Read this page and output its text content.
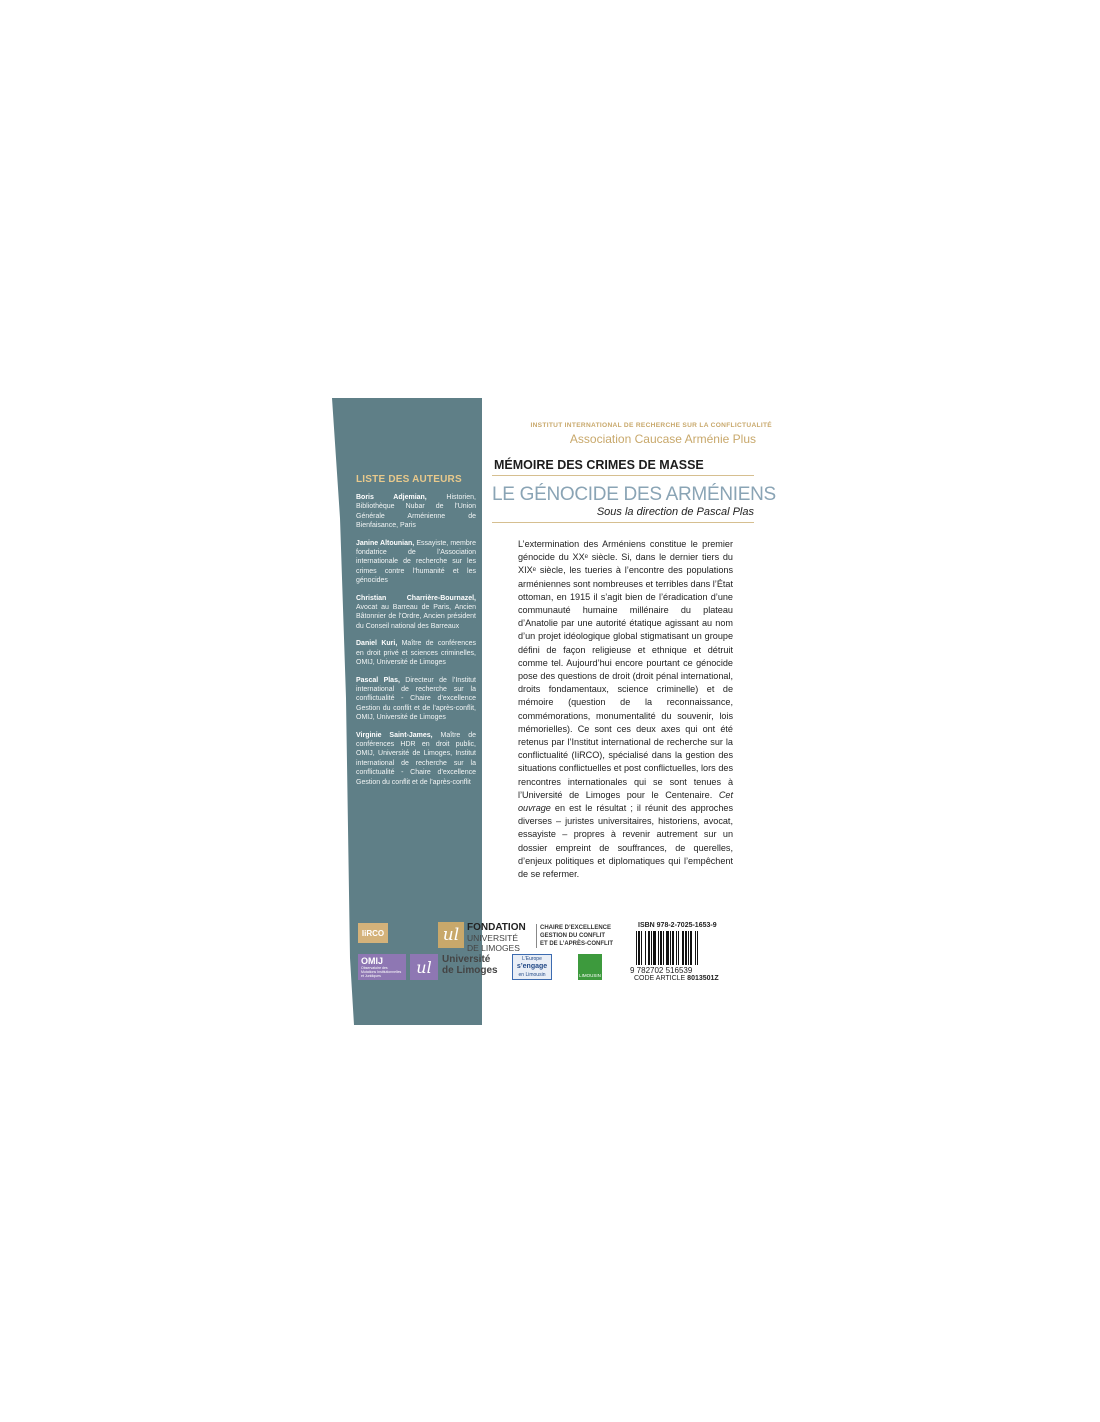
LISTE DES AUTEURS
Boris Adjemian, Historien, Bibliothèque Nubar de l’Union Générale Arménienne de Bienfaisance, Paris
Janine Altounian, Essayiste, membre fondatrice de l’Association internationale de recherche sur les crimes contre l’humanité et les génocides
Christian Charrière-Bournazel, Avocat au Barreau de Paris, Ancien Bâtonnier de l’Ordre, Ancien président du Conseil national des Barreaux
Daniel Kuri, Maître de conférences en droit privé et sciences criminelles, OMIJ, Université de Limoges
Pascal Plas, Directeur de l’Institut international de recherche sur la conflictualité - Chaire d’excellence Gestion du conflit et de l’après-conflit, OMIJ, Université de Limoges
Virginie Saint-James, Maître de conférences HDR en droit public, OMIJ, Université de Limoges, Institut international de recherche sur la conflictualité - Chaire d’excellence Gestion du conflit et de l’après-conflit
INSTITUT INTERNATIONAL DE RECHERCHE SUR LA CONFLICTUALITÉ
Association Caucase Arménie Plus
MÉMOIRE DES CRIMES DE MASSE
LE GÉNOCIDE DES ARMÉNIENS
Sous la direction de Pascal Plas
L’extermination des Arméniens constitue le premier génocide du XXᵉ siècle. Si, dans le dernier tiers du XIXᵉ siècle, les tueries à l’encontre des populations arméniennes sont nombreuses et terribles dans l’État ottoman, en 1915 il s’agit bien de l’éradication d’une communauté humaine millénaire du plateau d’Anatolie par une autorité étatique agissant au nom d’un projet idéologique global stigmatisant un groupe défini de façon religieuse et ethnique et détruit comme tel. Aujourd’hui encore pourtant ce génocide pose des questions de droit (droit pénal international, droits fondamentaux, science criminelle) et de mémoire (question de la reconnaissance, commémorations, monumentalité du souvenir, lois mémorielles). Ce sont ces deux axes qui ont été retenus par l’Institut international de recherche sur la conflictualité (IiRCO), spécialisé dans la gestion des situations conflictuelles et post conflictuelles, lors des rencontres internationales qui se sont tenues à l’Université de Limoges pour le Centenaire. Cet ouvrage en est le résultat ; il réunit des approches diverses – juristes universitaires, historiens, avocat, essayiste – propres à revenir autrement sur un dossier empreint de souffrances, de querelles, d’enjeux politiques et diplomatiques qui l’empêchent de se refermer.
IiRCO	ul FONDATION
UNIVERSITÉ
DE LIMOGES
CHAIRE D’EXCELLENCE
GESTION DU CONFLIT
ET DE L’APRÈS-CONFLIT
OMIJ
Observatoire des Mutations Institutionnelles et Juridiques	ul	Université
de Limoges
L’Europe
s’engage
en Limousin	LIMOUSIN
ISBN 978-2-7025-1653-9
9 782702 516539
CODE ARTICLE 8013501Z
